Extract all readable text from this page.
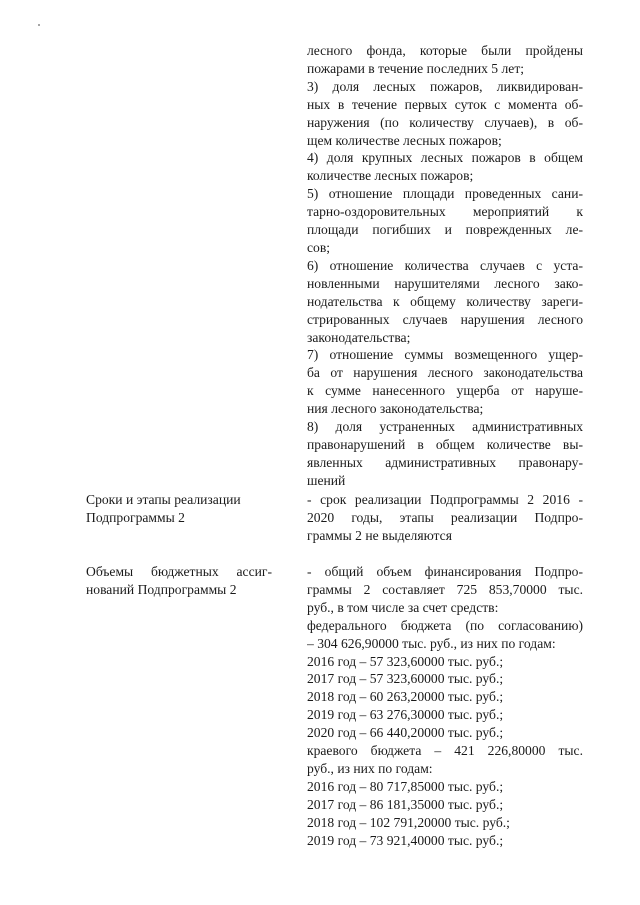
лесного фонда, которые были пройдены
пожарами в течение последних 5 лет;
3) доля лесных пожаров, ликвидирован-
ных в течение первых суток с момента об-
наружения (по количеству случаев), в об-
щем количестве лесных пожаров;
4) доля крупных лесных пожаров в общем
количестве лесных пожаров;
5) отношение площади проведенных сани-
тарно-оздоровительных мероприятий к
площади погибших и поврежденных ле-
сов;
6) отношение количества случаев с уста-
новленными нарушителями лесного зако-
нодательства к общему количеству зареги-
стрированных случаев нарушения лесного
законодательства;
7) отношение суммы возмещенного ущер-
ба от нарушения лесного законодательства
к сумме нанесенного ущерба от наруше-
ния лесного законодательства;
8) доля устраненных административных
правонарушений в общем количестве вы-
явленных административных правонару-
шений
Сроки и этапы реализации
Подпрограммы 2
- срок реализации Подпрограммы 2 2016 -
2020 годы, этапы реализации Подпро-
граммы 2 не выделяются
Объемы бюджетных ассиг-
нований Подпрограммы 2
- общий объем финансирования Подпро-
граммы 2 составляет 725 853,70000 тыс.
руб., в том числе за счет средств:
федерального бюджета (по согласованию)
– 304 626,90000 тыс. руб., из них по годам:
2016 год – 57 323,60000 тыс. руб.;
2017 год – 57 323,60000 тыс. руб.;
2018 год – 60 263,20000 тыс. руб.;
2019 год – 63 276,30000 тыс. руб.;
2020 год – 66 440,20000 тыс. руб.;
краевого бюджета – 421 226,80000 тыс.
руб., из них по годам:
2016 год – 80 717,85000 тыс. руб.;
2017 год – 86 181,35000 тыс. руб.;
2018 год – 102 791,20000 тыс. руб.;
2019 год – 73 921,40000 тыс. руб.;
